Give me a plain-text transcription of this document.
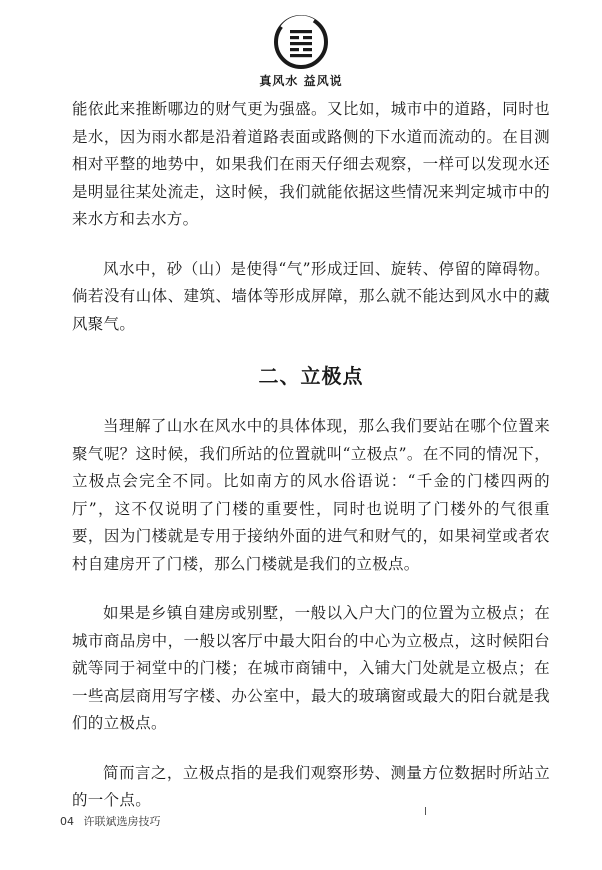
真风水 益风说

能依此来推断哪边的财气更为强盛。又比如，城市中的道路，同时也是水，因为雨水都是沿着道路表面或路侧的下水道而流动的。在目测相对平整的地势中，如果我们在雨天仔细去观察，一样可以发现水还是明显往某处流走，这时候，我们就能依据这些情况来判定城市中的来水方和去水方。

风水中，砂（山）是使得“气”形成迂回、旋转、停留的障碍物。倘若没有山体、建筑、墙体等形成屏障，那么就不能达到风水中的藏风聚气。

二、立极点

当理解了山水在风水中的具体体现，那么我们要站在哪个位置来聚气呢？这时候，我们所站的位置就叫“立极点”。在不同的情况下，立极点会完全不同。比如南方的风水俗语说：“千金的门楼四两的厅”，这不仅说明了门楼的重要性，同时也说明了门楼外的气很重要，因为门楼就是专用于接纳外面的进气和财气的，如果祠堂或者农村自建房开了门楼，那么门楼就是我们的立极点。

如果是乡镇自建房或别墅，一般以入户大门的位置为立极点；在城市商品房中，一般以客厅中最大阳台的中心为立极点，这时候阳台就等同于祠堂中的门楼；在城市商铺中，入铺大门处就是立极点；在一些高层商用写字楼、办公室中，最大的玻璃窗或最大的阳台就是我们的立极点。

简而言之，立极点指的是我们观察形势、测量方位数据时所站立的一个点。

04 许联斌选房技巧
